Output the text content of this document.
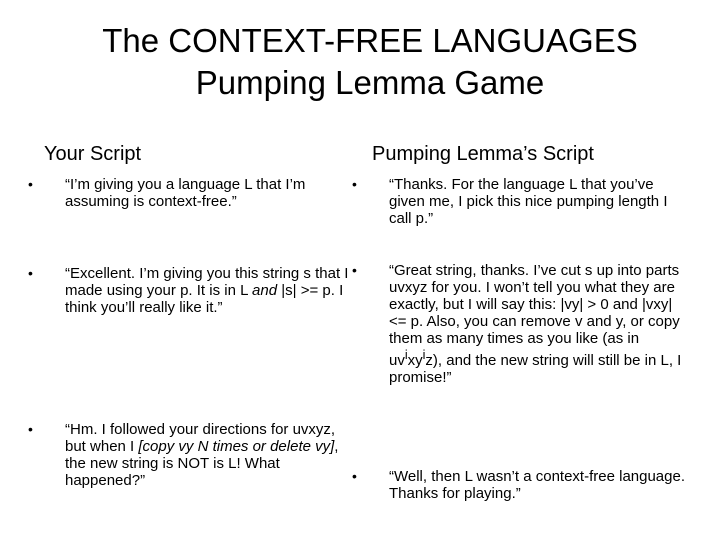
The CONTEXT-FREE LANGUAGES
Pumping Lemma Game
Your Script	Pumping Lemma’s Script
• “I’m giving you a language L that I’m assuming is context-free.”
• “Excellent. I’m giving you this string s that I made using your p. It is in L and |s| >= p. I think you’ll really like it.”
• “Hm. I followed your directions for uvxyz, but when I [copy vy N times or delete vy], the new string is NOT is L! What happened?”
• “Thanks. For the language L that you’ve given me, I pick this nice pumping length I call p.”
• “Great string, thanks. I’ve cut s up into parts uvxyz for you. I won’t tell you what they are exactly, but I will say this: |vy| > 0 and |vxy| <= p. Also, you can remove v and y, or copy them as many times as you like (as in $uv^ixy^iz$), and the new string will still be in L, I promise!”
• “Well, then L wasn’t a context-free language. Thanks for playing.”
